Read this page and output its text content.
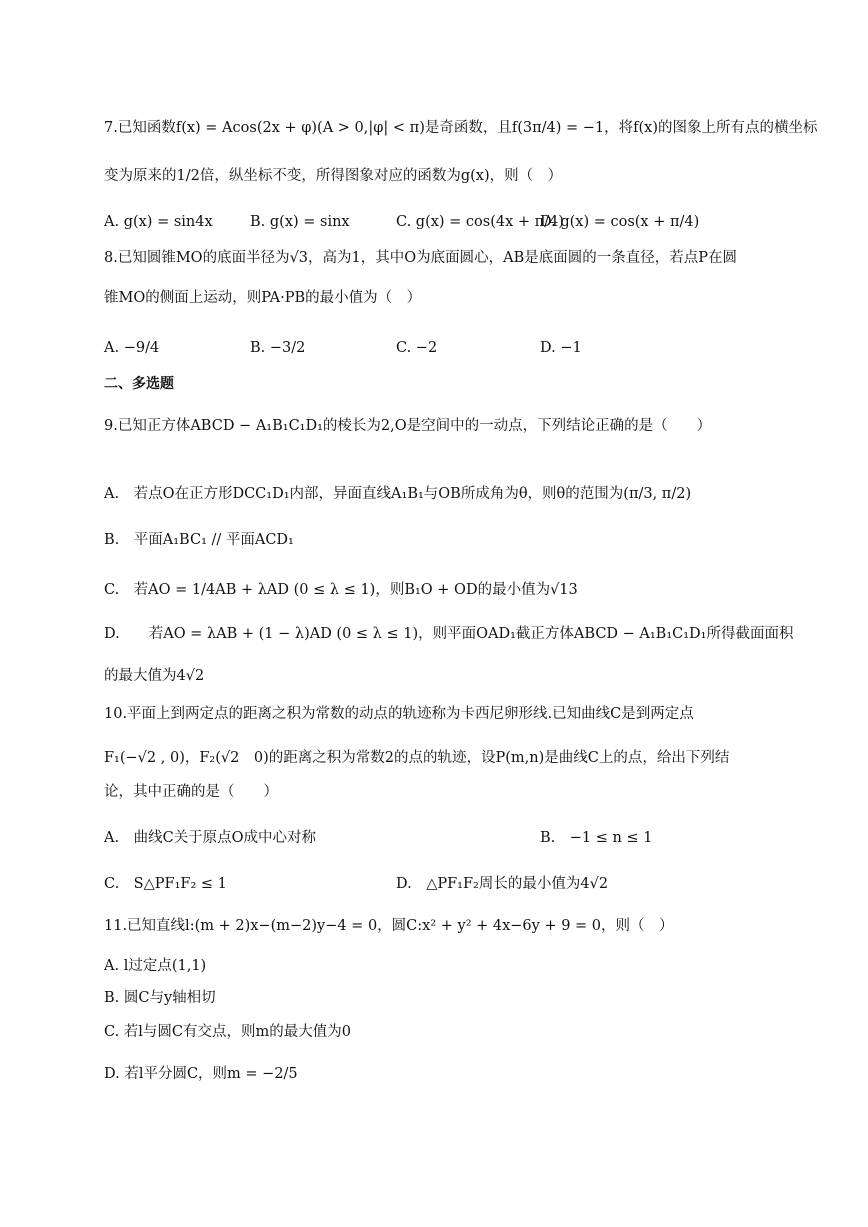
7.已知函数f(x) = Acos(2x + φ)(A > 0,|φ| < π)是奇函数，且f(3π/4) = −1，将f(x)的图象上所有点的横坐标
变为原来的1/2倍，纵坐标不变，所得图象对应的函数为g(x)，则（　）
A. g(x) = sin4x	B. g(x) = sinx	C. g(x) = cos(4x + π/4)
D. g(x) = cos(x + π/4)
8.已知圆锥MO的底面半径为√3，高为1，其中O为底面圆心，AB是底面圆的一条直径，若点P在圆
锥MO的侧面上运动，则PA·PB的最小值为（　）
A. −9/4	B. −3/2	C. −2	D. −1
二、多选题
9.已知正方体ABCD − A₁B₁C₁D₁的棱长为2,O是空间中的一动点，下列结论正确的是（　　）
A.　若点O在正方形DCC₁D₁内部，异面直线A₁B₁与OB所成角为θ，则θ的范围为(π/3, π/2)
B.　平面A₁BC₁ // 平面ACD₁
C.　若AO = 1/4AB + λAD (0 ≤ λ ≤ 1)，则B₁O + OD的最小值为√13
D.　　若AO = λAB + (1 − λ)AD (0 ≤ λ ≤ 1)，则平面OAD₁截正方体ABCD − A₁B₁C₁D₁所得截面面积
的最大值为4√2
10.平面上到两定点的距离之积为常数的动点的轨迹称为卡西尼卵形线.已知曲线C是到两定点
F₁(−√2 , 0)，F₂(√2　0)的距离之积为常数2的点的轨迹，设P(m,n)是曲线C上的点，给出下列结
论，其中正确的是（　　）
A.　曲线C关于原点O成中心对称	B.　−1 ≤ n ≤ 1
C.　S△PF₁F₂ ≤ 1	D.　△PF₁F₂周长的最小值为4√2
11.已知直线l:(m + 2)x−(m−2)y−4 = 0，圆C:x² + y² + 4x−6y + 9 = 0，则（　）
A. l过定点(1,1)
B. 圆C与y轴相切
C. 若l与圆C有交点，则m的最大值为0
D. 若l平分圆C，则m = −2/5
